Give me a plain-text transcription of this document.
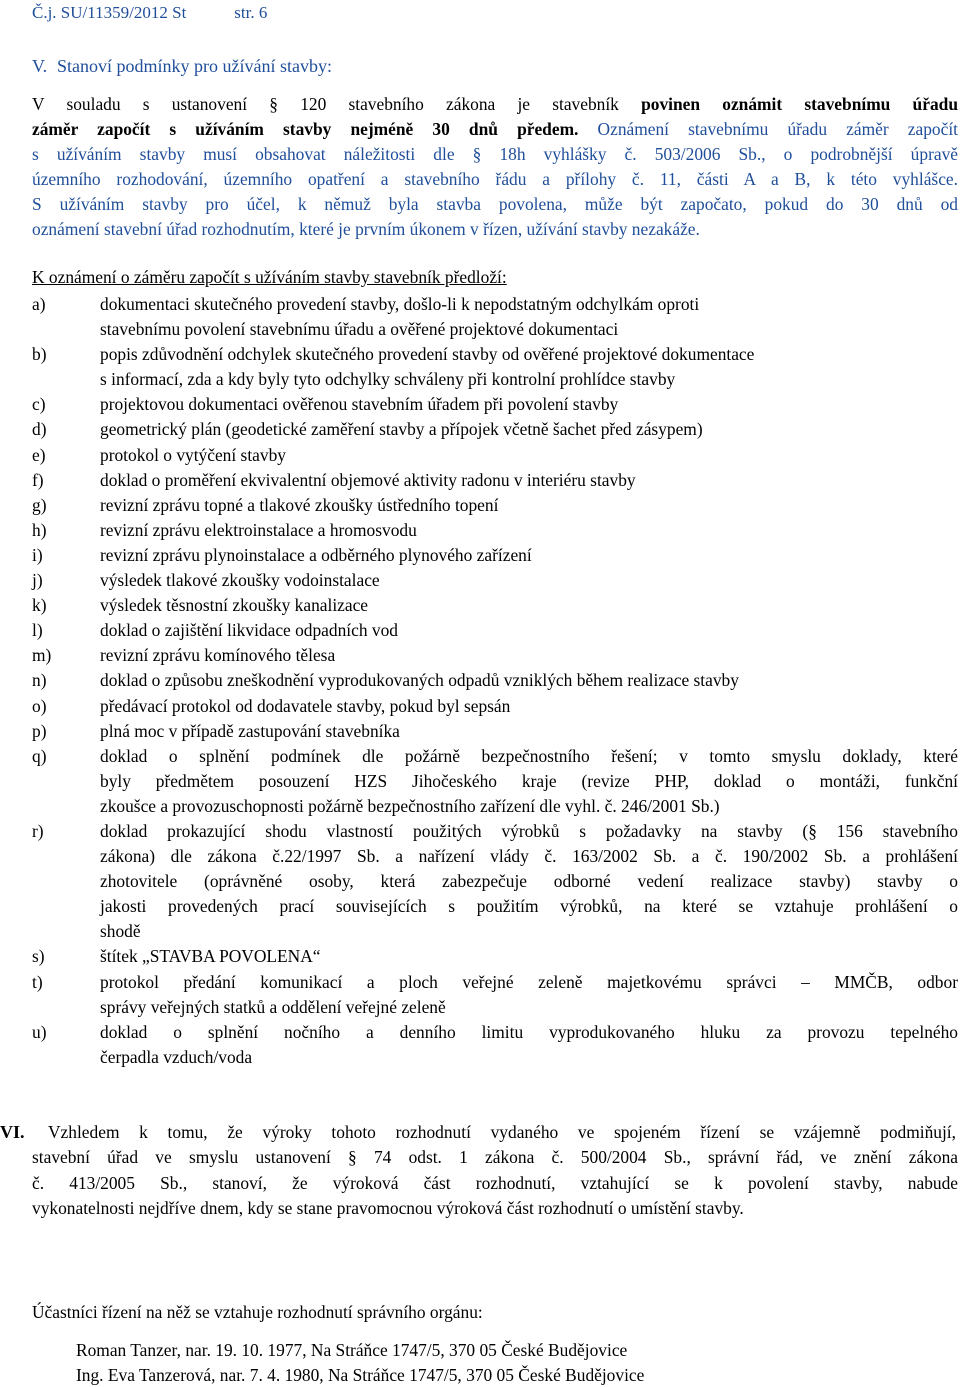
Č.j. SU/11359/2012 St	str. 6
V. Stanoví podmínky pro užívání stavby:
V souladu s ustanovení § 120 stavebního zákona je stavebník povinen oznámit stavebnímu úřadu
záměr započít s užíváním stavby nejméně 30 dnů předem. Oznámení stavebnímu úřadu záměr započít
s užíváním stavby musí obsahovat náležitosti dle § 18h vyhlášky č. 503/2006 Sb., o podrobnější úpravě
územního rozhodování, územního opatření a stavebního řádu a přílohy č. 11, části A a B, k této vyhlášce.
S užíváním stavby pro účel, k němuž byla stavba povolena, může být započato, pokud do 30 dnů od
oznámení stavební úřad rozhodnutím, které je prvním úkonem v řízen, užívání stavby nezakáže.
K oznámení o záměru započít s užíváním stavby stavebník předloží:
a)	dokumentaci skutečného provedení stavby, došlo-li k nepodstatným odchylkám oproti
stavebnímu povolení stavebnímu úřadu a ověřené projektové dokumentaci
b)	popis zdůvodnění odchylek skutečného provedení stavby od ověřené projektové dokumentace
s informací, zda a kdy byly tyto odchylky schváleny při kontrolní prohlídce stavby
c)	projektovou dokumentaci ověřenou stavebním úřadem při povolení stavby
d)	geometrický plán (geodetické zaměření stavby a přípojek včetně šachet před zásypem)
e)	protokol o vytýčení stavby
f)	doklad o proměření ekvivalentní objemové aktivity radonu v interiéru stavby
g)	revizní zprávu topné a tlakové zkoušky ústředního topení
h)	revizní zprávu elektroinstalace a hromosvodu
i)	revizní zprávu plynoinstalace a odběrného plynového zařízení
j)	výsledek tlakové zkoušky vodoinstalace
k)	výsledek těsnostní zkoušky kanalizace
l)	doklad o zajištění likvidace odpadních vod
m)	revizní zprávu komínového tělesa
n)	doklad o způsobu zneškodnění vyprodukovaných odpadů vzniklých během realizace stavby
o)	předávací protokol od dodavatele stavby, pokud byl sepsán
p)	plná moc v případě zastupování stavebníka
q)	doklad o splnění podmínek dle požárně bezpečnostního řešení; v tomto smyslu doklady, které
byly předmětem posouzení HZS Jihočeského kraje (revize PHP, doklad o montáži, funkční
zkoušce a provozuschopnosti požárně bezpečnostního zařízení dle vyhl. č. 246/2001 Sb.)
r)	doklad prokazující shodu vlastností použitých výrobků s požadavky na stavby (§ 156 stavebního
zákona) dle zákona č.22/1997 Sb. a nařízení vlády č. 163/2002 Sb. a č. 190/2002 Sb. a prohlášení
zhotovitele (oprávněné osoby, která zabezpečuje odborné vedení realizace stavby) stavby o
jakosti provedených prací souvisejících s použitím výrobků, na které se vztahuje prohlášení o
shodě
s)	štítek „STAVBA POVOLENA“
t)	protokol předání komunikací a ploch veřejné zeleně majetkovému správci – MMČB, odbor
správy veřejných statků a oddělení veřejné zeleně
u)	doklad o splnění nočního a denního limitu vyprodukovaného hluku za provozu tepelného
čerpadla vzduch/voda
VI.	Vzhledem k tomu, že výroky tohoto rozhodnutí vydaného ve spojeném řízení se vzájemně podmiňují,
stavební úřad ve smyslu ustanovení § 74 odst. 1 zákona č. 500/2004 Sb., správní řád, ve znění zákona
č. 413/2005 Sb., stanoví, že výroková část rozhodnutí, vztahující se k povolení stavby, nabude
vykonatelnosti nejdříve dnem, kdy se stane pravomocnou výroková část rozhodnutí o umístění stavby.
Účastníci řízení na něž se vztahuje rozhodnutí správního orgánu:
Roman Tanzer, nar. 19. 10. 1977, Na Stráňce 1747/5, 370 05 České Budějovice
Ing. Eva Tanzerová, nar. 7. 4. 1980, Na Stráňce 1747/5, 370 05 České Budějovice
